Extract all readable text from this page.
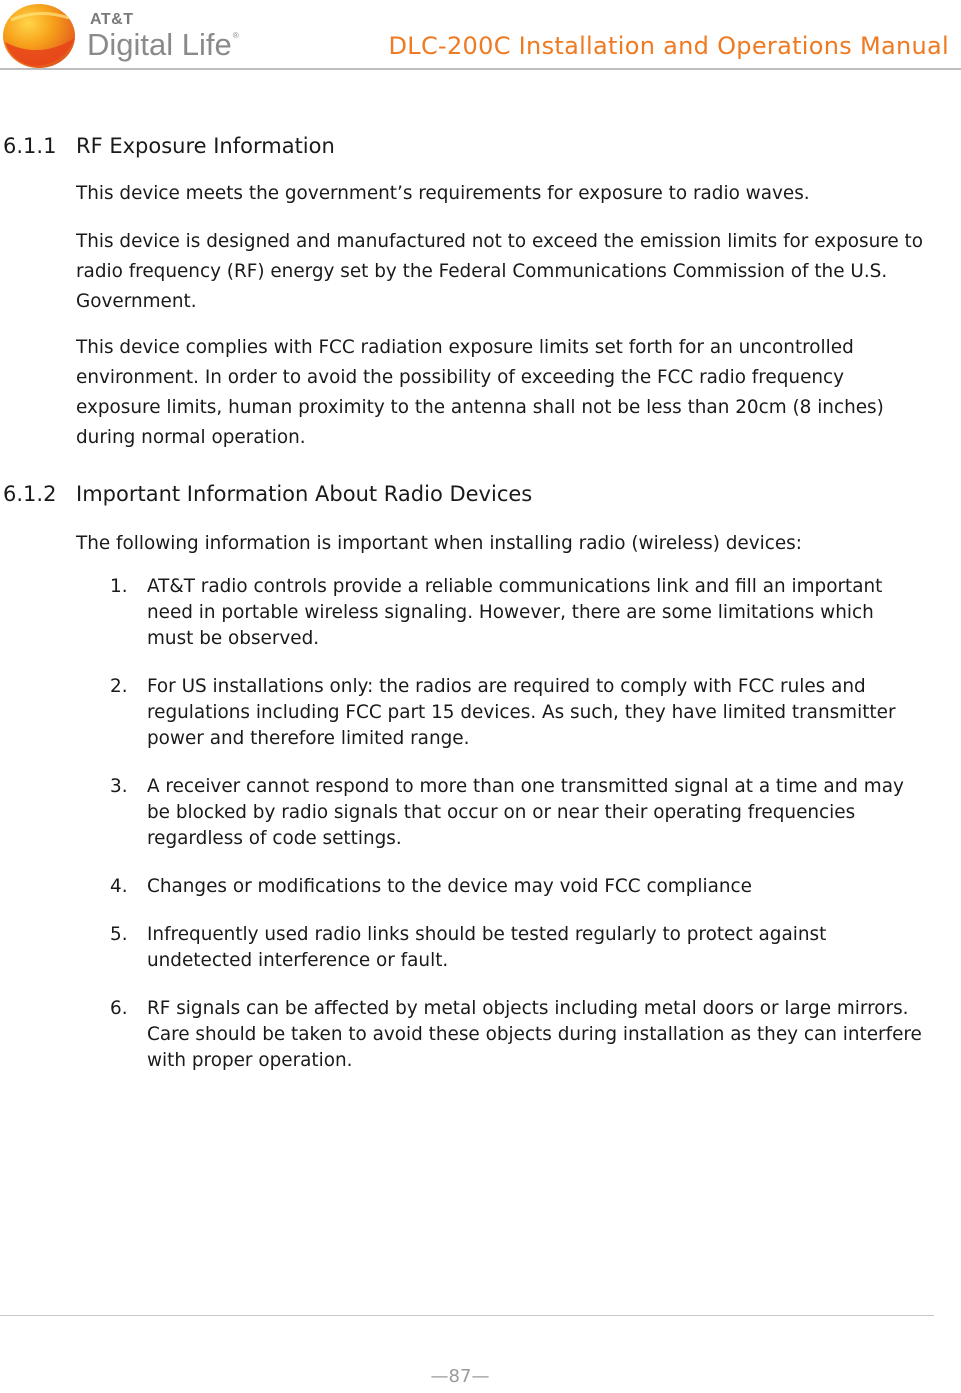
AT&T
Digital Life®	DLC-200C Installation and Operations Manual
6.1.1 RF Exposure Information

This device meets the government’s requirements for exposure to radio waves.

This device is designed and manufactured not to exceed the emission limits for exposure to radio frequency (RF) energy set by the Federal Communications Commission of the U.S. Government.

This device complies with FCC radiation exposure limits set forth for an uncontrolled environment. In order to avoid the possibility of exceeding the FCC radio frequency exposure limits, human proximity to the antenna shall not be less than 20cm (8 inches) during normal operation.

6.1.2 Important Information About Radio Devices

The following information is important when installing radio (wireless) devices:

1. AT&T radio controls provide a reliable communications link and fill an important need in portable wireless signaling. However, there are some limitations which must be observed.
2. For US installations only: the radios are required to comply with FCC rules and regulations including FCC part 15 devices. As such, they have limited transmitter power and therefore limited range.
3. A receiver cannot respond to more than one transmitted signal at a time and may be blocked by radio signals that occur on or near their operating frequencies regardless of code settings.
4. Changes or modifications to the device may void FCC compliance
5. Infrequently used radio links should be tested regularly to protect against undetected interference or fault.
6. RF signals can be affected by metal objects including metal doors or large mirrors. Care should be taken to avoid these objects during installation as they can interfere with proper operation.
—87—
